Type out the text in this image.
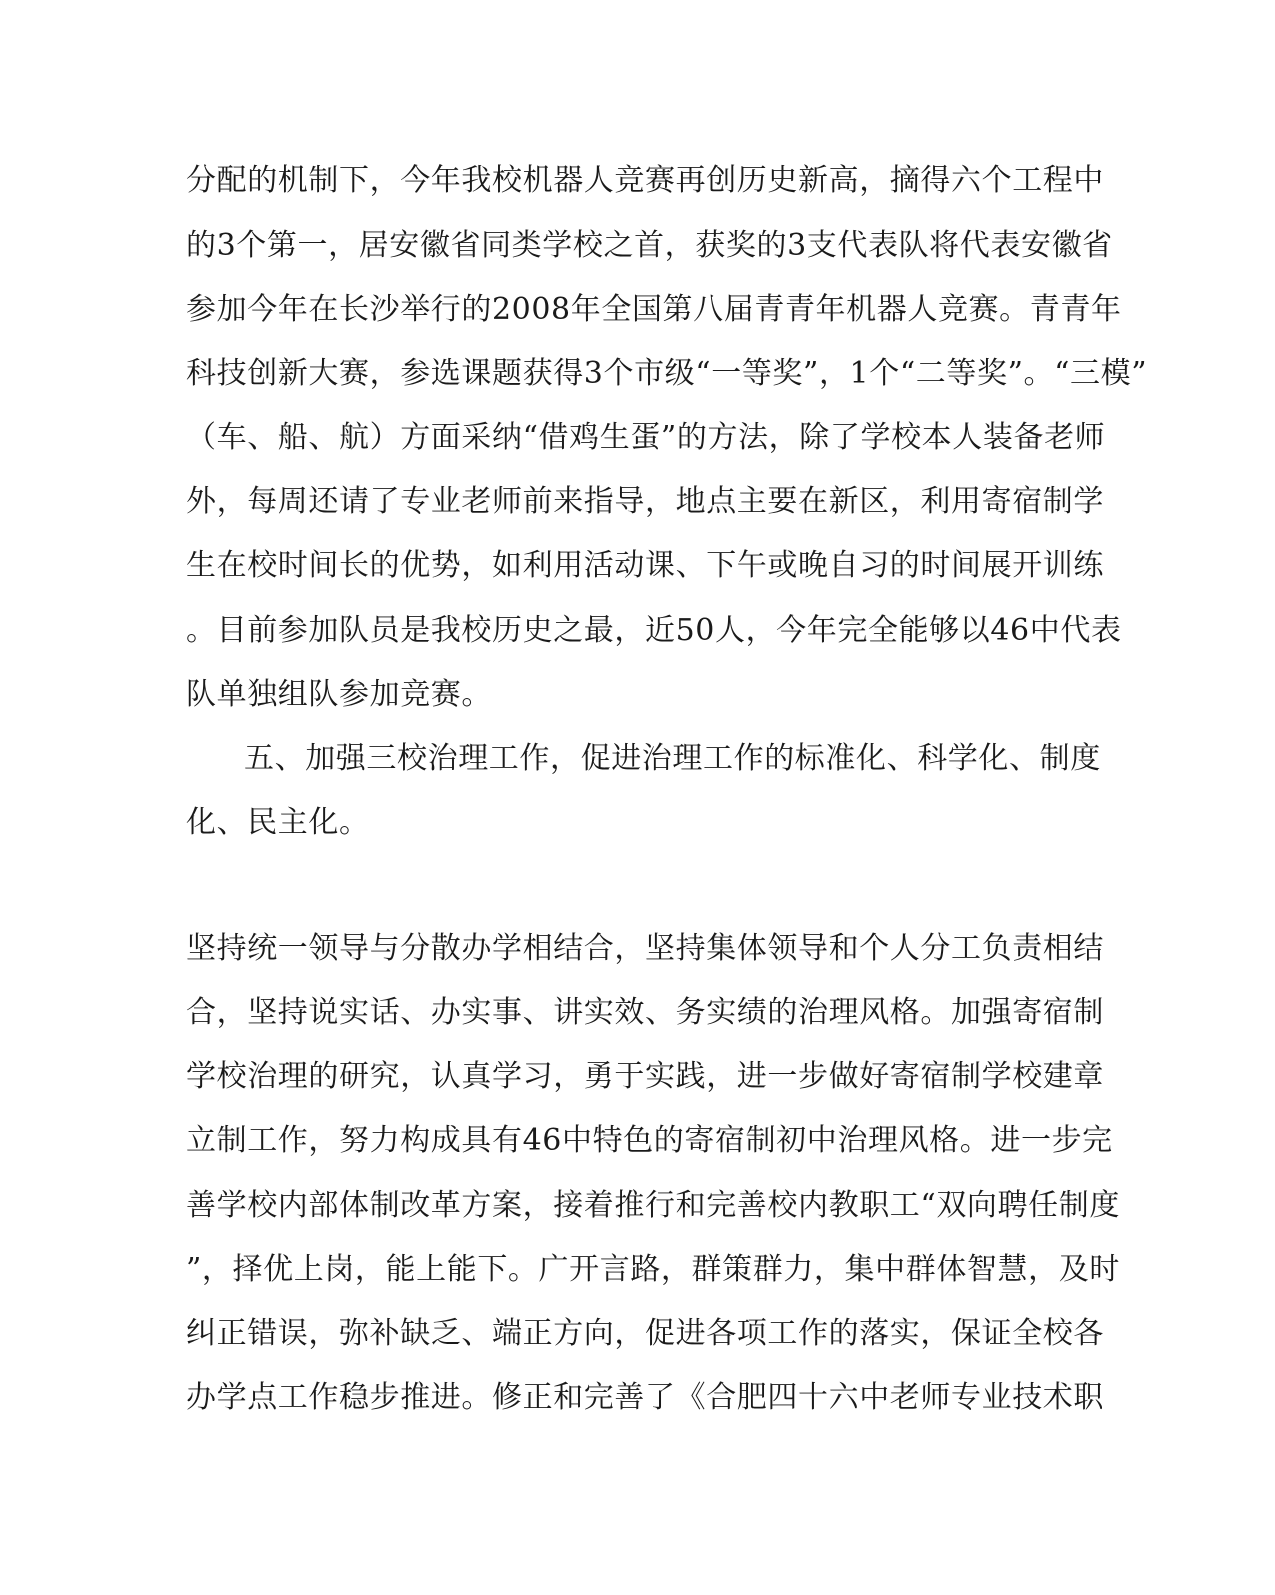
分配的机制下，今年我校机器人竞赛再创历史新高，摘得六个工程中
的3个第一，居安徽省同类学校之首，获奖的3支代表队将代表安徽省
参加今年在长沙举行的2008年全国第八届青青年机器人竞赛。青青年
科技创新大赛，参选课题获得3个市级“一等奖”，1个“二等奖”。“三模”
（车、船、航）方面采纳“借鸡生蛋”的方法，除了学校本人装备老师
外，每周还请了专业老师前来指导，地点主要在新区，利用寄宿制学
生在校时间长的优势，如利用活动课、下午或晚自习的时间展开训练
。目前参加队员是我校历史之最，近50人，今年完全能够以46中代表
队单独组队参加竞赛。
五、加强三校治理工作，促进治理工作的标准化、科学化、制度
化、民主化。
坚持统一领导与分散办学相结合，坚持集体领导和个人分工负责相结
合，坚持说实话、办实事、讲实效、务实绩的治理风格。加强寄宿制
学校治理的研究，认真学习，勇于实践，进一步做好寄宿制学校建章
立制工作，努力构成具有46中特色的寄宿制初中治理风格。进一步完
善学校内部体制改革方案，接着推行和完善校内教职工“双向聘任制度
”，择优上岗，能上能下。广开言路，群策群力，集中群体智慧，及时
纠正错误，弥补缺乏、端正方向，促进各项工作的落实，保证全校各
办学点工作稳步推进。修正和完善了《合肥四十六中老师专业技术职
